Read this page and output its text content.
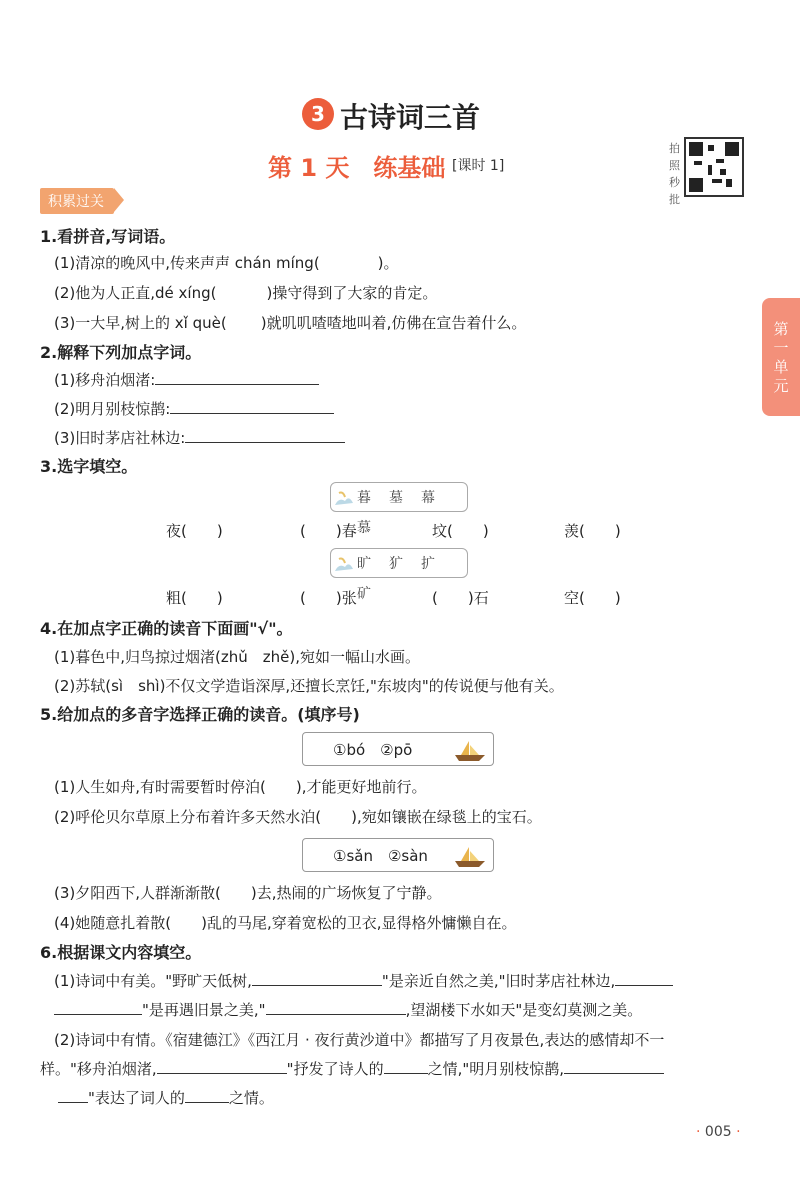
3 古诗词三首
第 1 天　练基础 [课时 1]
拍照秒批
积累过关
第一单元
1.看拼音,写词语。
(1)清凉的晚风中,传来声声 chán míng(	)。
(2)他为人正直,dé xíng(	)操守得到了大家的肯定。
(3)一大早,树上的 xǐ què( )就叽叽喳喳地叫着,仿佛在宣告着什么。
2.解释下列加点字词。
(1)移舟泊烟渚:
(2)明月别枝惊鹊:
(3)旧时茅店社林边:
3.选字填空。
暮　墓　幕　慕
夜(　　)	(　　)春	坟(　　)	羡(　　)
旷　犷　扩　矿
粗(　　)	(　　)张	(　　)石	空(　　)
4.在加点字正确的读音下面画"√"。
(1)暮色中,归鸟掠过烟渚(zhǔ　zhě),宛如一幅山水画。
(2)苏轼(sì　shì)不仅文学造诣深厚,还擅长烹饪,"东坡肉"的传说便与他有关。
5.给加点的多音字选择正确的读音。(填序号)
①bó　②pō
(1)人生如舟,有时需要暂时停泊( ),才能更好地前行。
(2)呼伦贝尔草原上分布着许多天然水泊( ),宛如镶嵌在绿毯上的宝石。
①sǎn　②sàn
(3)夕阳西下,人群渐渐散( )去,热闹的广场恢复了宁静。
(4)她随意扎着散( )乱的马尾,穿着宽松的卫衣,显得格外慵懒自在。
6.根据课文内容填空。
(1)诗词中有美。"野旷天低树,	"是亲近自然之美,"旧时茅店社林边,
"是再遇旧景之美,"	,望湖楼下水如天"是变幻莫测之美。
(2)诗词中有情。《宿建德江》《西江月 · 夜行黄沙道中》都描写了月夜景色,表达的感情却不一
样。"移舟泊烟渚,	"抒发了诗人的	之情,"明月别枝惊鹊,
"表达了词人的	之情。
· 005 ·
